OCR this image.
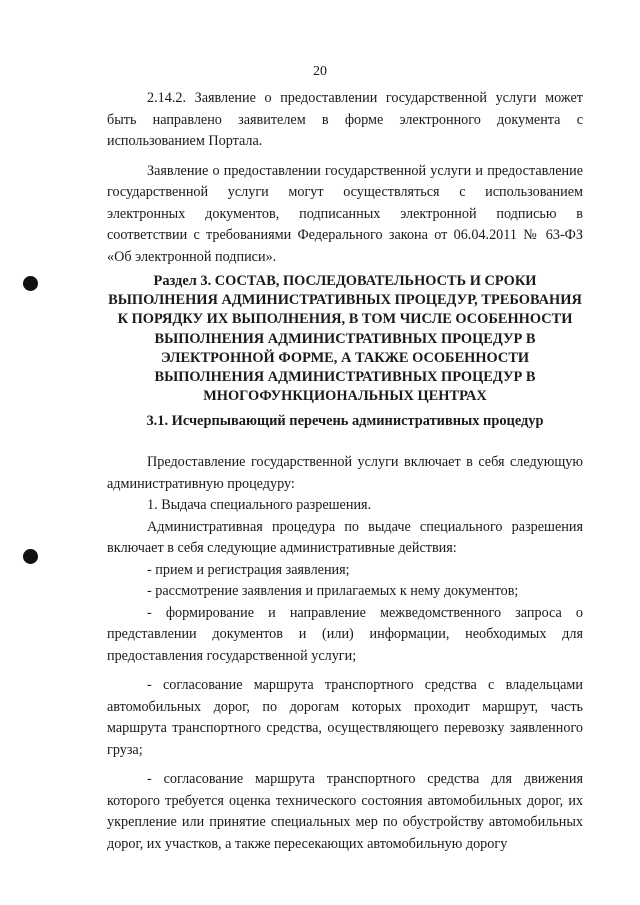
20

2.14.2. Заявление о предоставлении государственной услуги может быть направлено заявителем в форме электронного документа с использованием Портала.

Заявление о предоставлении государственной услуги и предоставление государственной услуги могут осуществляться с использованием электронных документов, подписанных электронной подписью в соответствии с требованиями Федерального закона от 06.04.2011 № 63-ФЗ «Об электронной подписи».

Раздел 3. СОСТАВ, ПОСЛЕДОВАТЕЛЬНОСТЬ И СРОКИ
ВЫПОЛНЕНИЯ АДМИНИСТРАТИВНЫХ ПРОЦЕДУР, ТРЕБОВАНИЯ
К ПОРЯДКУ ИХ ВЫПОЛНЕНИЯ, В ТОМ ЧИСЛЕ ОСОБЕННОСТИ
ВЫПОЛНЕНИЯ АДМИНИСТРАТИВНЫХ ПРОЦЕДУР В
ЭЛЕКТРОННОЙ ФОРМЕ, А ТАКЖЕ ОСОБЕННОСТИ
ВЫПОЛНЕНИЯ АДМИНИСТРАТИВНЫХ ПРОЦЕДУР В
МНОГОФУНКЦИОНАЛЬНЫХ ЦЕНТРАХ
3.1. Исчерпывающий перечень административных процедур

Предоставление государственной услуги включает в себя следующую административную процедуру:

1. Выдача специального разрешения.

Административная процедура по выдаче специального разрешения включает в себя следующие административные действия:

- прием и регистрация заявления;

- рассмотрение заявления и прилагаемых к нему документов;

- формирование и направление межведомственного запроса о представлении документов и (или) информации, необходимых для предоставления государственной услуги;

- согласование маршрута транспортного средства с владельцами автомобильных дорог, по дорогам которых проходит маршрут, часть маршрута транспортного средства, осуществляющего перевозку заявленного груза;

- согласование маршрута транспортного средства для движения которого требуется оценка технического состояния автомобильных дорог, их укрепление или принятие специальных мер по обустройству автомобильных дорог, их участков, а также пересекающих автомобильную дорогу
